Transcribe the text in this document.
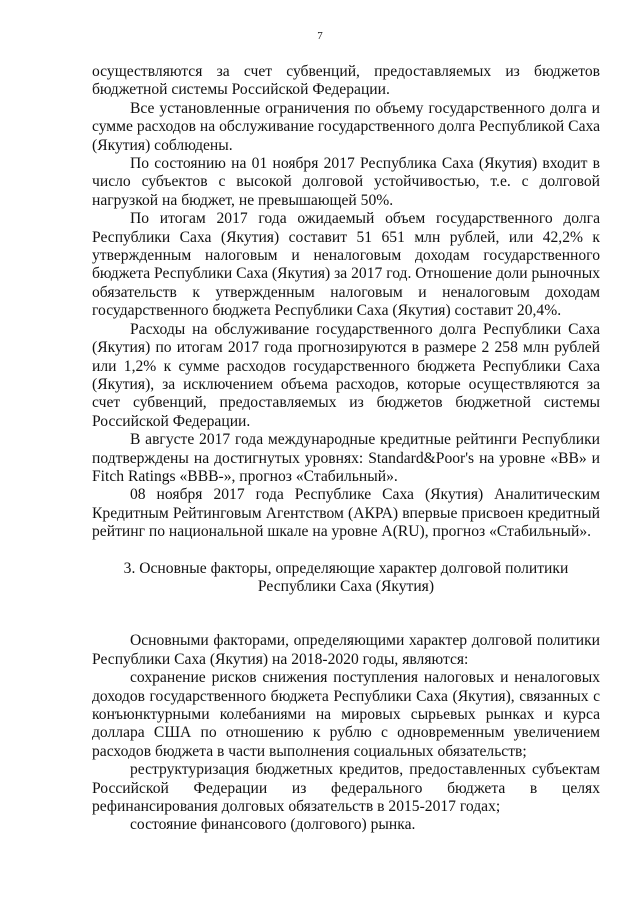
7

осуществляются за счет субвенций, предоставляемых из бюджетов бюджетной системы Российской Федерации.

Все установленные ограничения по объему государственного долга и сумме расходов на обслуживание государственного долга Республикой Саха (Якутия) соблюдены.

По состоянию на 01 ноября 2017 Республика Саха (Якутия) входит в число субъектов с высокой долговой устойчивостью, т.е. с долговой нагрузкой на бюджет, не превышающей 50%.

По итогам 2017 года ожидаемый объем государственного долга Республики Саха (Якутия) составит 51 651 млн рублей, или 42,2% к утвержденным налоговым и неналоговым доходам государственного бюджета Республики Саха (Якутия) за 2017 год. Отношение доли рыночных обязательств к утвержденным налоговым и неналоговым доходам государственного бюджета Республики Саха (Якутия) составит 20,4%.

Расходы на обслуживание государственного долга Республики Саха (Якутия) по итогам 2017 года прогнозируются в размере 2 258 млн рублей или 1,2% к сумме расходов государственного бюджета Республики Саха (Якутия), за исключением объема расходов, которые осуществляются за счет субвенций, предоставляемых из бюджетов бюджетной системы Российской Федерации.

В августе 2017 года международные кредитные рейтинги Республики подтверждены на достигнутых уровнях: Standard&Poor's на уровне «BB» и Fitch Ratings «BBB-», прогноз «Стабильный».

08 ноября 2017 года Республике Саха (Якутия) Аналитическим Кредитным Рейтинговым Агентством (АКРА) впервые присвоен кредитный рейтинг по национальной шкале на уровне A(RU), прогноз «Стабильный».

3. Основные факторы, определяющие характер долговой политики
Республики Саха (Якутия)

Основными факторами, определяющими характер долговой политики Республики Саха (Якутия) на 2018-2020 годы, являются:

сохранение рисков снижения поступления налоговых и неналоговых доходов государственного бюджета Республики Саха (Якутия), связанных с конъюнктурными колебаниями на мировых сырьевых рынках и курса доллара США по отношению к рублю с одновременным увеличением расходов бюджета в части выполнения социальных обязательств;

реструктуризация бюджетных кредитов, предоставленных субъектам Российской Федерации из федерального бюджета в целях рефинансирования долговых обязательств в 2015-2017 годах;

состояние финансового (долгового) рынка.
